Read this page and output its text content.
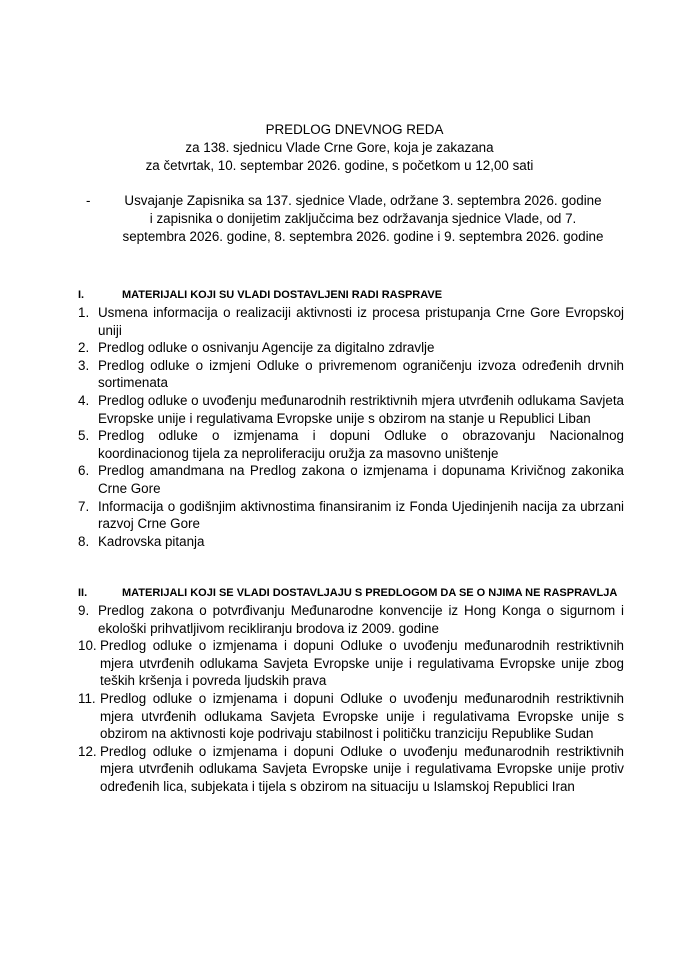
PREDLOG DNEVNOG REDA
za 138. sjednicu Vlade Crne Gore, koja je zakazana
za četvrtak, 10. septembar 2026. godine, s početkom u 12,00 sati
-	Usvajanje Zapisnika sa 137. sjednice Vlade, održane 3. septembra 2026. godine
i zapisnika o donijetim zaključcima bez održavanja sjednice Vlade, od 7.
septembra 2026. godine, 8. septembra 2026. godine i 9. septembra 2026. godine
I.	MATERIJALI KOJI SU VLADI DOSTAVLJENI RADI RASPRAVE
1. Usmena informacija o realizaciji aktivnosti iz procesa pristupanja Crne Gore Evropskoj uniji
2. Predlog odluke o osnivanju Agencije za digitalno zdravlje
3. Predlog odluke o izmjeni Odluke o privremenom ograničenju izvoza određenih drvnih sortimenata
4. Predlog odluke o uvođenju međunarodnih restriktivnih mjera utvrđenih odlukama Savjeta Evropske unije i regulativama Evropske unije s obzirom na stanje u Republici Liban
5. Predlog odluke o izmjenama i dopuni Odluke o obrazovanju Nacionalnog koordinacionog tijela za neproliferaciju oružja za masovno uništenje
6. Predlog amandmana na Predlog zakona o izmjenama i dopunama Krivičnog zakonika Crne Gore
7. Informacija o godišnjim aktivnostima finansiranim iz Fonda Ujedinjenih nacija za ubrzani razvoj Crne Gore
8. Kadrovska pitanja
II.	MATERIJALI KOJI SE VLADI DOSTAVLJAJU S PREDLOGOM DA SE O NJIMA NE RASPRAVLJA
9. Predlog zakona o potvrđivanju Međunarodne konvencije iz Hong Konga o sigurnom i ekološki prihvatljivom recikliranju brodova iz 2009. godine
10. Predlog odluke o izmjenama i dopuni Odluke o uvođenju međunarodnih restriktivnih mjera utvrđenih odlukama Savjeta Evropske unije i regulativama Evropske unije zbog teških kršenja i povreda ljudskih prava
11. Predlog odluke o izmjenama i dopuni Odluke o uvođenju međunarodnih restriktivnih mjera utvrđenih odlukama Savjeta Evropske unije i regulativama Evropske unije s obzirom na aktivnosti koje podrivaju stabilnost i političku tranziciju Republike Sudan
12. Predlog odluke o izmjenama i dopuni Odluke o uvođenju međunarodnih restriktivnih mjera utvrđenih odlukama Savjeta Evropske unije i regulativama Evropske unije protiv određenih lica, subjekata i tijela s obzirom na situaciju u Islamskoj Republici Iran
